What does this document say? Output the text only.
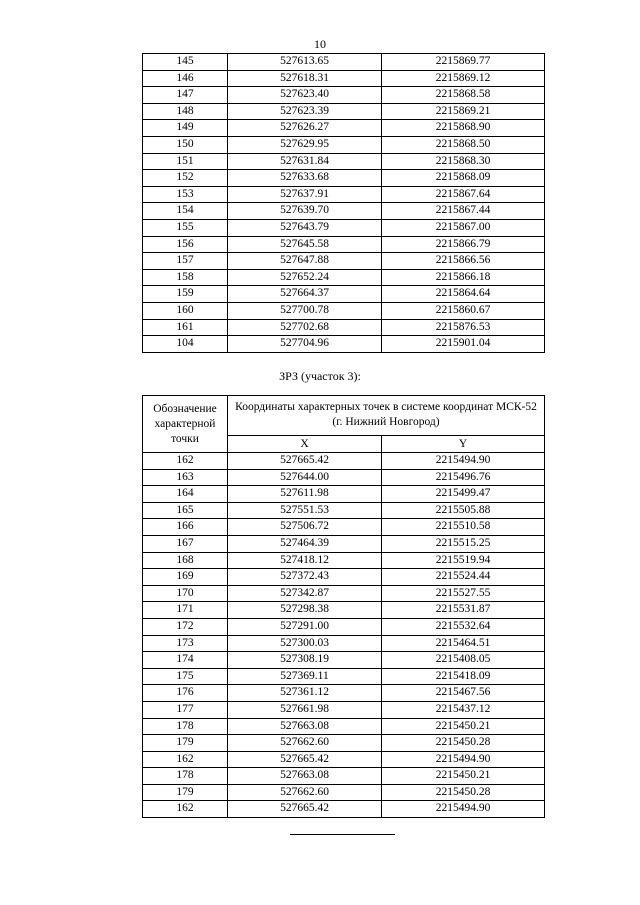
10
145	527613.65	2215869.77
146	527618.31	2215869.12
147	527623.40	2215868.58
148	527623.39	2215869.21
149	527626.27	2215868.90
150	527629.95	2215868.50
151	527631.84	2215868.30
152	527633.68	2215868.09
153	527637.91	2215867.64
154	527639.70	2215867.44
155	527643.79	2215867.00
156	527645.58	2215866.79
157	527647.88	2215866.56
158	527652.24	2215866.18
159	527664.37	2215864.64
160	527700.78	2215860.67
161	527702.68	2215876.53
104	527704.96	2215901.04
ЗРЗ (участок 3):
Обозначение характерной точки	Координаты характерных точек в системе координат МСК-52 (г. Нижний Новгород)	
	X	Y
162	527665.42	2215494.90
163	527644.00	2215496.76
164	527611.98	2215499.47
165	527551.53	2215505.88
166	527506.72	2215510.58
167	527464.39	2215515.25
168	527418.12	2215519.94
169	527372.43	2215524.44
170	527342.87	2215527.55
171	527298.38	2215531.87
172	527291.00	2215532.64
173	527300.03	2215464.51
174	527308.19	2215408.05
175	527369.11	2215418.09
176	527361.12	2215467.56
177	527661.98	2215437.12
178	527663.08	2215450.21
179	527662.60	2215450.28
162	527665.42	2215494.90
178	527663.08	2215450.21
179	527662.60	2215450.28
162	527665.42	2215494.90
